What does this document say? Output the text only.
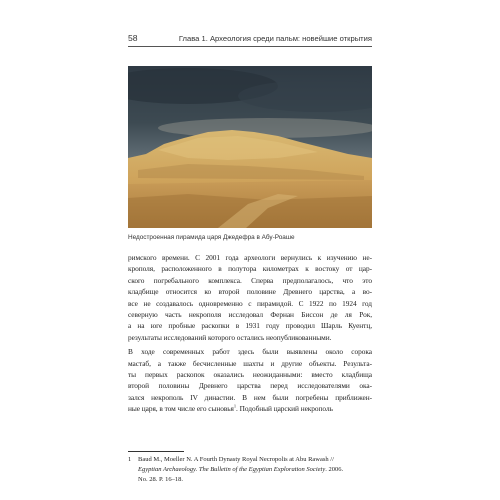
58	Глава 1. Археология среди пальм: новейшие открытия
Недостроенная пирамида царя Джедефра в Абу-Роаше
римского времени. С 2001 года археологи вернулись к изучению не-
крополя, расположенного в полутора километрах к востоку от цар-
ского погребального комплекса. Сперва предполагалось, что это
кладбище относится ко второй половине Древнего царства, а во-
все не создавалось одновременно с пирамидой. С 1922 по 1924 год
северную часть некрополя исследовал Фернан Биссон де ля Рок,
а на юге пробные раскопки в 1931 году проводил Шарль Куентц,
результаты исследований которого остались неопубликованными.
В ходе современных работ здесь были выявлены около сорока
мастаб, а также бесчисленные шахты и другие объекты. Результа-
ты первых раскопок оказались неожиданными: вместо кладбища
второй половины Древнего царства перед исследователями ока-
зался некрополь IV династии. В нем были погребены приближен-
ные царя, в том числе его сыновья$^1$. Подобный царский некрополь
1 Baud M., Moeller N. A Fourth Dynasty Royal Necropolis at Abu Rawash //
Egyptian Archaeology. The Bulletin of the Egyptian Exploration Society. 2006.
No. 28. P. 16–18.
